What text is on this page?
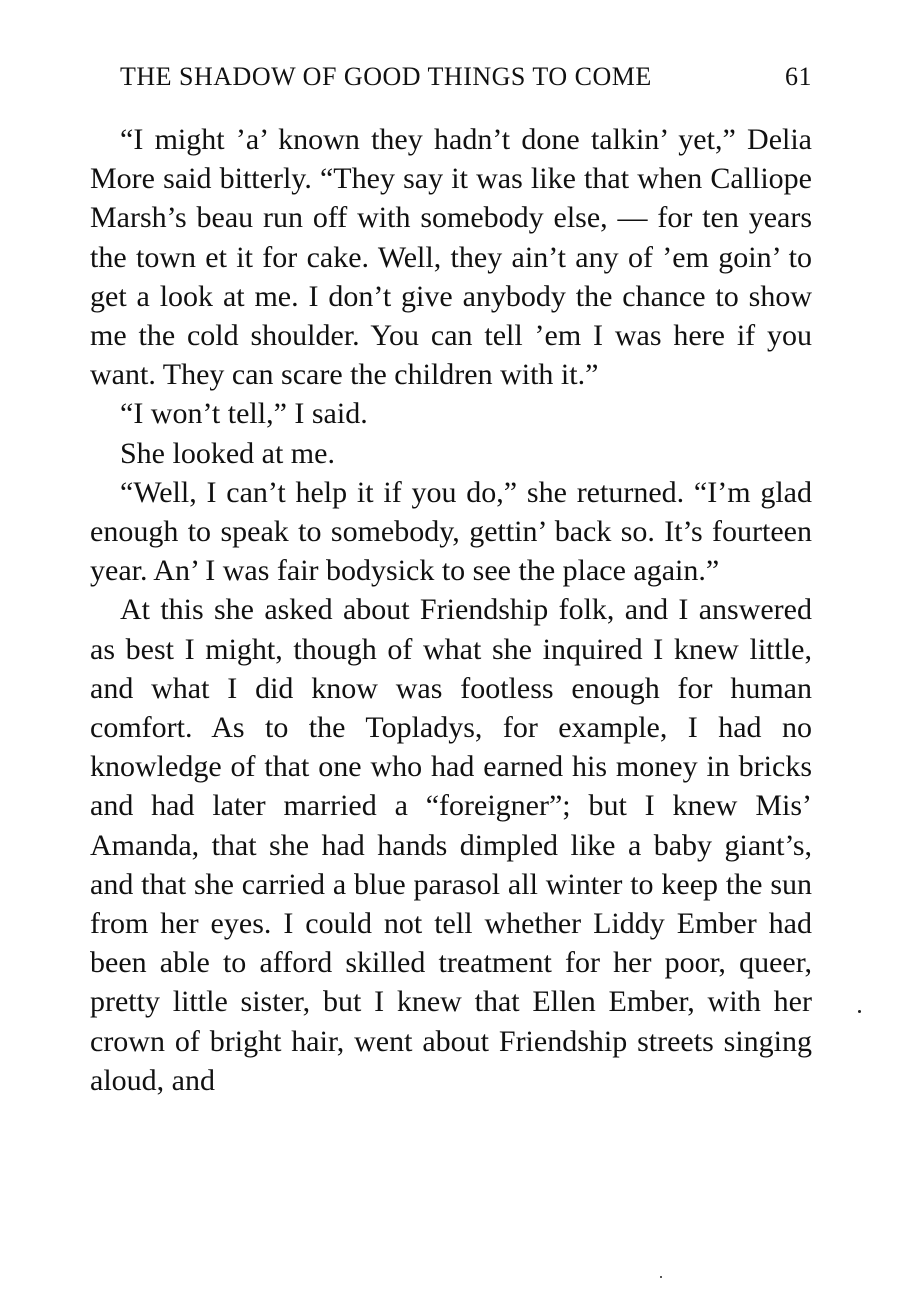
THE SHADOW OF GOOD THINGS TO COME	61

“I might ’a’ known they hadn’t done talkin’ yet,” Delia More said bitterly. “They say it was like that when Calliope Marsh’s beau run off with somebody else, — for ten years the town et it for cake. Well, they ain’t any of ’em goin’ to get a look at me. I don’t give anybody the chance to show me the cold shoulder. You can tell ’em I was here if you want. They can scare the children with it.”

“I won’t tell,” I said.

She looked at me.

“Well, I can’t help it if you do,” she returned. “I’m glad enough to speak to somebody, gettin’ back so. It’s fourteen year. An’ I was fair bodysick to see the place again.”

At this she asked about Friendship folk, and I answered as best I might, though of what she inquired I knew little, and what I did know was footless enough for human comfort. As to the Topladys, for example, I had no knowledge of that one who had earned his money in bricks and had later married a “foreigner”; but I knew Mis’ Amanda, that she had hands dimpled like a baby giant’s, and that she carried a blue parasol all winter to keep the sun from her eyes. I could not tell whether Liddy Ember had been able to afford skilled treatment for her poor, queer, pretty little sister, but I knew that Ellen Ember, with her crown of bright hair, went about Friendship streets singing aloud, and
